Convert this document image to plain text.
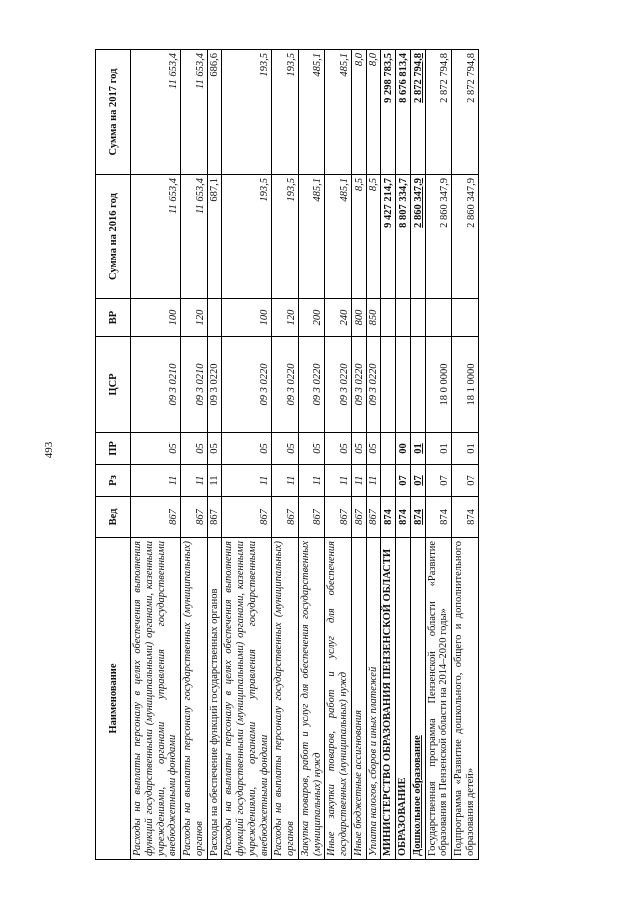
493
Наименование	Вед	Рз	ПР	ЦСР	ВР	Сумма на 2016 год	Сумма на 2017 год
Расходы на выплаты персоналу в целях обеспечения выполнения функций государственными (муниципальными) органами, казенными учреждениями, органами управления государственными внебюджетными фондами	867	11	05	09 3 0210	100	11 653,4	11 653,4
Расходы на выплаты персоналу государственных (муниципальных) органов	867	11	05	09 3 0210	120	11 653,4	11 653,4
Расходы на обеспечение функций государственных органов	867	11	05	09 3 0220		687,1	686,6
Расходы на выплаты персоналу в целях обеспечения выполнения функций государственными (муниципальными) органами, казенными учреждениями, органами управления государственными внебюджетными фондами	867	11	05	09 3 0220	100	193,5	193,5
Расходы на выплаты персоналу государственных (муниципальных) органов	867	11	05	09 3 0220	120	193,5	193,5
Закупка товаров, работ и услуг для обеспечения государственных (муниципальных) нужд	867	11	05	09 3 0220	200	485,1	485,1
Иные закупки товаров, работ и услуг для обеспечения государственных (муниципальных) нужд	867	11	05	09 3 0220	240	485,1	485,1
Иные бюджетные ассигнования	867	11	05	09 3 0220	800	8,5	8,0
Уплата налогов, сборов и иных платежей	867	11	05	09 3 0220	850	8,5	8,0
МИНИСТЕРСТВО ОБРАЗОВАНИЯ ПЕНЗЕНСКОЙ ОБЛАСТИ	874					9 427 214,7	9 298 783,5
ОБРАЗОВАНИЕ	874	07	00			8 807 334,7	8 676 813,4
Дошкольное образование	874	07	01			2 860 347,9	2 872 794,8
Государственная программа Пензенской области «Развитие образования в Пензенской области на 2014–2020 годы»	874	07	01	18 0 0000		2 860 347,9	2 872 794,8
Подпрограмма «Развитие дошкольного, общего и дополнительного образования детей»	874	07	01	18 1 0000		2 860 347,9	2 872 794,8
